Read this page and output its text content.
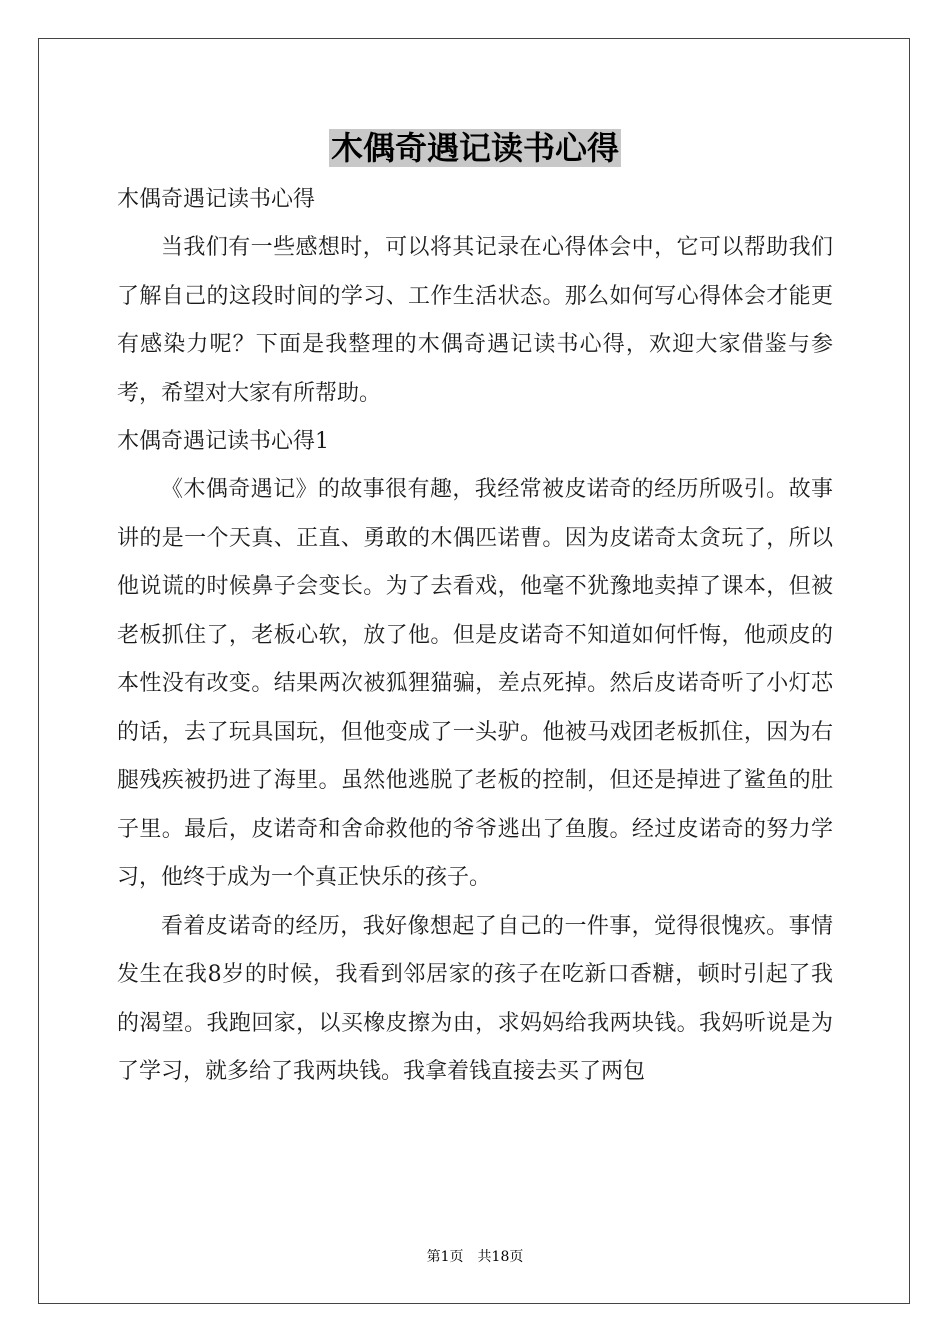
木偶奇遇记读书心得

木偶奇遇记读书心得

当我们有一些感想时，可以将其记录在心得体会中，它可以帮助我们了解自己的这段时间的学习、工作生活状态。那么如何写心得体会才能更有感染力呢？下面是我整理的木偶奇遇记读书心得，欢迎大家借鉴与参考，希望对大家有所帮助。

木偶奇遇记读书心得1

《木偶奇遇记》的故事很有趣，我经常被皮诺奇的经历所吸引。故事讲的是一个天真、正直、勇敢的木偶匹诺曹。因为皮诺奇太贪玩了，所以他说谎的时候鼻子会变长。为了去看戏，他毫不犹豫地卖掉了课本，但被老板抓住了，老板心软，放了他。但是皮诺奇不知道如何忏悔，他顽皮的本性没有改变。结果两次被狐狸猫骗，差点死掉。然后皮诺奇听了小灯芯的话，去了玩具国玩，但他变成了一头驴。他被马戏团老板抓住，因为右腿残疾被扔进了海里。虽然他逃脱了老板的控制，但还是掉进了鲨鱼的肚子里。最后，皮诺奇和舍命救他的爷爷逃出了鱼腹。经过皮诺奇的努力学习，他终于成为一个真正快乐的孩子。

看着皮诺奇的经历，我好像想起了自己的一件事，觉得很愧疚。事情发生在我8岁的时候，我看到邻居家的孩子在吃新口香糖，顿时引起了我的渴望。我跑回家，以买橡皮擦为由，求妈妈给我两块钱。我妈听说是为了学习，就多给了我两块钱。我拿着钱直接去买了两包

第1页　共18页
